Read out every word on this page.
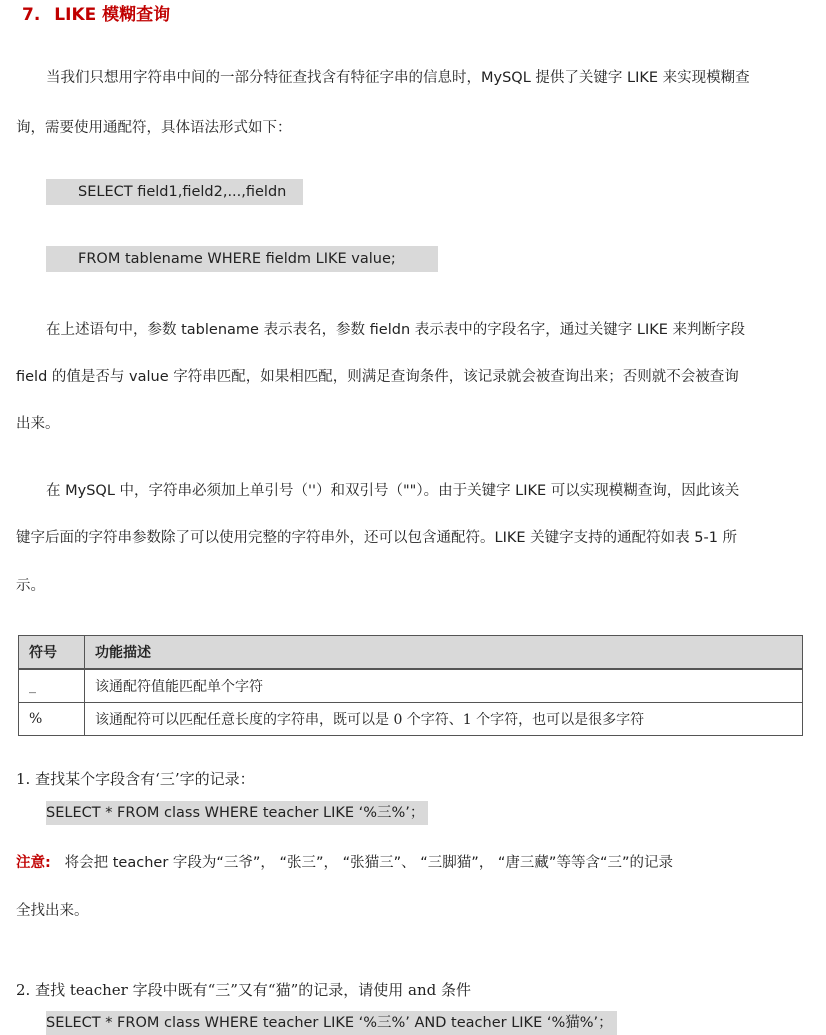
7. LIKE 模糊查询
当我们只想用字符串中间的一部分特征查找含有特征字串的信息时，MySQL 提供了关键字 LIKE 来实现模糊查
询，需要使用通配符，具体语法形式如下：
SELECT field1,field2,...,fieldn
FROM tablename WHERE fieldm LIKE value;
在上述语句中，参数 tablename 表示表名，参数 fieldn 表示表中的字段名字，通过关键字 LIKE 来判断字段
field 的值是否与 value 字符串匹配，如果相匹配，则满足查询条件，该记录就会被查询出来；否则就不会被查询
出来。
在 MySQL 中，字符串必须加上单引号（''）和双引号（""）。由于关键字 LIKE 可以实现模糊查询，因此该关
键字后面的字符串参数除了可以使用完整的字符串外，还可以包含通配符。LIKE 关键字支持的通配符如表 5-1 所
示。
符号	功能描述
_	该通配符值能匹配单个字符
%	该通配符可以匹配任意长度的字符串，既可以是 0 个字符、1 个字符，也可以是很多字符
1. 查找某个字段含有‘三’字的记录：
SELECT * FROM class WHERE teacher LIKE ‘%三%’；
注意: 将会把 teacher 字段为“三爷”， “张三”， “张猫三”、 “三脚猫”， “唐三藏”等等含“三”的记录
全找出来。
2. 查找 teacher 字段中既有“三”又有“猫”的记录，请使用 and 条件
SELECT * FROM class WHERE teacher LIKE ‘%三%’ AND teacher LIKE ‘%猫%’；
